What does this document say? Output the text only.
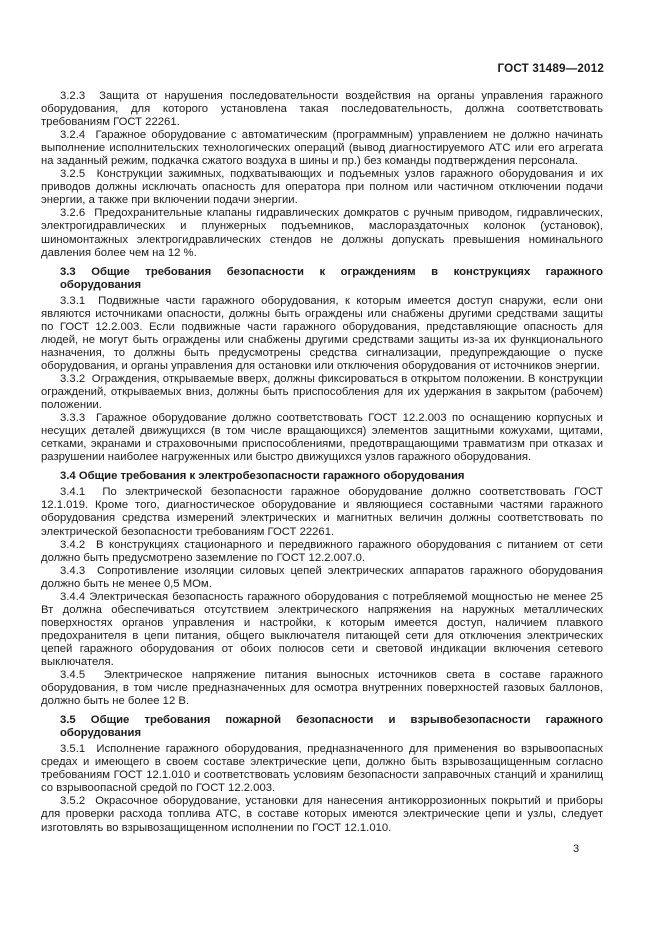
ГОСТ 31489—2012

3.2.3  Защита от нарушения последовательности воздействия на органы управления гаражного оборудования, для которого установлена такая последовательность, должна соответствовать требованиям ГОСТ 22261.

3.2.4  Гаражное оборудование с автоматическим (программным) управлением не должно начинать выполнение исполнительских технологических операций (вывод диагностируемого АТС или его агрегата на заданный режим, подкачка сжатого воздуха в шины и пр.) без команды подтверждения персонала.

3.2.5  Конструкции зажимных, подхватывающих и подъемных узлов гаражного оборудования и их приводов должны исключать опасность для оператора при полном или частичном отключении подачи энергии, а также при включении подачи энергии.

3.2.6  Предохранительные клапаны гидравлических домкратов с ручным приводом, гидравлических, электрогидравлических и плунжерных подъемников, маслораздаточных колонок (установок), шиномонтажных электрогидравлических стендов не должны допускать превышения номинального давления более чем на 12 %.

3.3 Общие требования безопасности к ограждениям в конструкциях гаражного оборудования

3.3.1  Подвижные части гаражного оборудования, к которым имеется доступ снаружи, если они являются источниками опасности, должны быть ограждены или снабжены другими средствами защиты по ГОСТ 12.2.003. Если подвижные части гаражного оборудования, представляющие опасность для людей, не могут быть ограждены или снабжены другими средствами защиты из-за их функционального назначения, то должны быть предусмотрены средства сигнализации, предупреждающие о пуске оборудования, и органы управления для остановки или отключения оборудования от источников энергии.

3.3.2  Ограждения, открываемые вверх, должны фиксироваться в открытом положении. В конструкции ограждений, открываемых вниз, должны быть приспособления для их удержания в закрытом (рабочем) положении.

3.3.3  Гаражное оборудование должно соответствовать ГОСТ 12.2.003 по оснащению корпусных и несущих деталей движущихся (в том числе вращающихся) элементов защитными кожухами, щитами, сетками, экранами и страховочными приспособлениями, предотвращающими травматизм при отказах и разрушении наиболее нагруженных или быстро движущихся узлов гаражного оборудования.

3.4 Общие требования к электробезопасности гаражного оборудования

3.4.1  По электрической безопасности гаражное оборудование должно соответствовать ГОСТ 12.1.019. Кроме того, диагностическое оборудование и являющиеся составными частями гаражного оборудования средства измерений электрических и магнитных величин должны соответствовать по электрической безопасности требованиям ГОСТ 22261.

3.4.2  В конструкциях стационарного и передвижного гаражного оборудования с питанием от сети должно быть предусмотрено заземление по ГОСТ 12.2.007.0.

3.4.3  Сопротивление изоляции силовых цепей электрических аппаратов гаражного оборудования должно быть не менее 0,5 МОм.

3.4.4 Электрическая безопасность гаражного оборудования с потребляемой мощностью не менее 25 Вт должна обеспечиваться отсутствием электрического напряжения на наружных металлических поверхностях органов управления и настройки, к которым имеется доступ, наличием плавкого предохранителя в цепи питания, общего выключателя питающей сети для отключения электрических цепей гаражного оборудования от обоих полюсов сети и световой индикации включения сетевого выключателя.

3.4.5  Электрическое напряжение питания выносных источников света в составе гаражного оборудования, в том числе предназначенных для осмотра внутренних поверхностей газовых баллонов, должно быть не более 12 В.

3.5 Общие требования пожарной безопасности и взрывобезопасности гаражного оборудования

3.5.1  Исполнение гаражного оборудования, предназначенного для применения во взрывоопасных средах и имеющего в своем составе электрические цепи, должно быть взрывозащищенным согласно требованиям ГОСТ 12.1.010 и соответствовать условиям безопасности заправочных станций и хранилищ со взрывоопасной средой по ГОСТ 12.2.003.

3.5.2  Окрасочное оборудование, установки для нанесения антикоррозионных покрытий и приборы для проверки расхода топлива АТС, в составе которых имеются электрические цепи и узлы, следует изготовлять во взрывозащищенном исполнении по ГОСТ 12.1.010.

3
